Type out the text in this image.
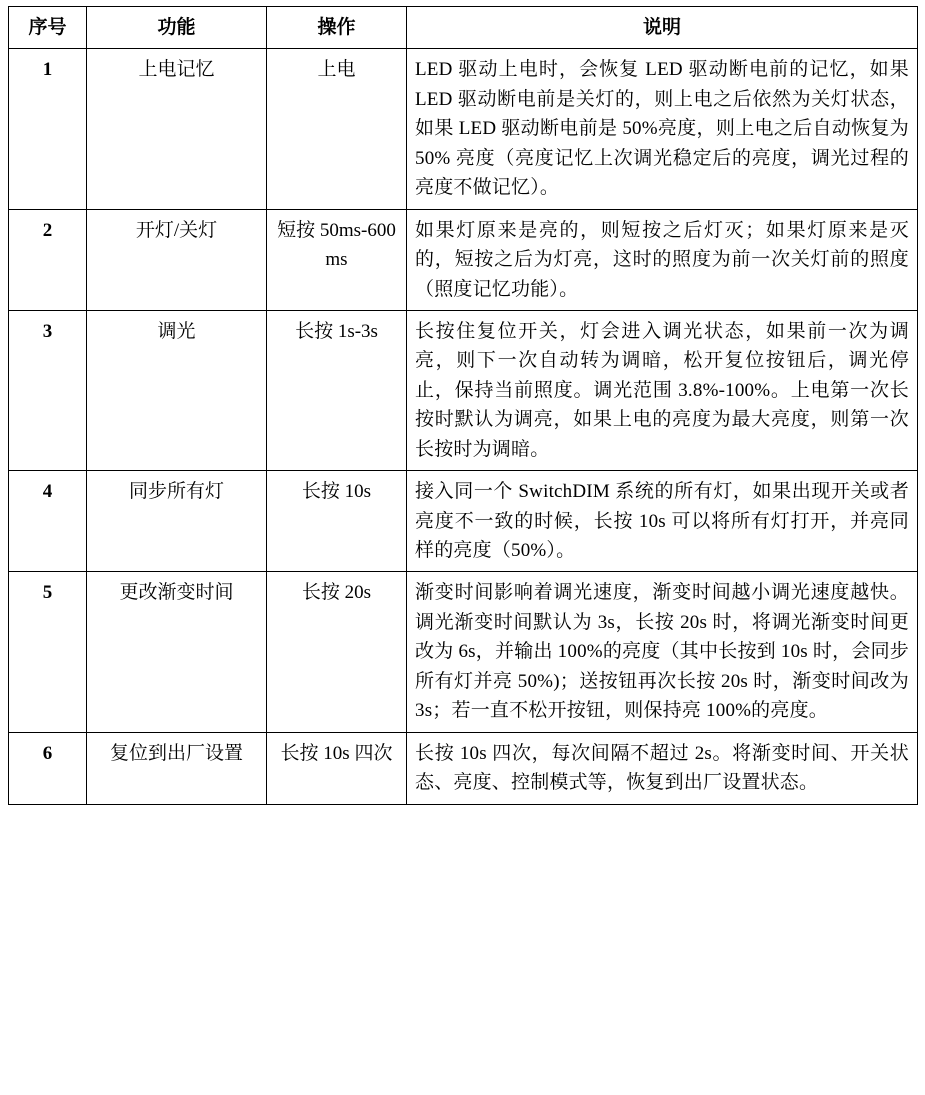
序号	功能	操作	说明
1	上电记忆	上电	LED 驱动上电时，会恢复 LED 驱动断电前的记忆，如果 LED 驱动断电前是关灯的，则上电之后依然为关灯状态，如果 LED 驱动断电前是 50%亮度，则上电之后自动恢复为 50% 亮度（亮度记忆上次调光稳定后的亮度，调光过程的亮度不做记忆）。
2	开灯/关灯	短按 50ms-600 ms	如果灯原来是亮的，则短按之后灯灭；如果灯原来是灭的，短按之后为灯亮，这时的照度为前一次关灯前的照度（照度记忆功能）。
3	调光	长按 1s-3s	长按住复位开关，灯会进入调光状态，如果前一次为调亮，则下一次自动转为调暗，松开复位按钮后，调光停止，保持当前照度。调光范围 3.8%-100%。上电第一次长按时默认为调亮，如果上电的亮度为最大亮度，则第一次长按时为调暗。
4	同步所有灯	长按 10s	接入同一个 SwitchDIM 系统的所有灯，如果出现开关或者亮度不一致的时候，长按 10s 可以将所有灯打开，并亮同样的亮度（50%）。
5	更改渐变时间	长按 20s	渐变时间影响着调光速度，渐变时间越小调光速度越快。调光渐变时间默认为 3s，长按 20s 时，将调光渐变时间更改为 6s，并输出 100%的亮度（其中长按到 10s 时，会同步所有灯并亮 50%)；送按钮再次长按 20s 时，渐变时间改为 3s；若一直不松开按钮，则保持亮 100%的亮度。
6	复位到出厂设置	长按 10s 四次	长按 10s 四次，每次间隔不超过 2s。将渐变时间、开关状态、亮度、控制模式等，恢复到出厂设置状态。
